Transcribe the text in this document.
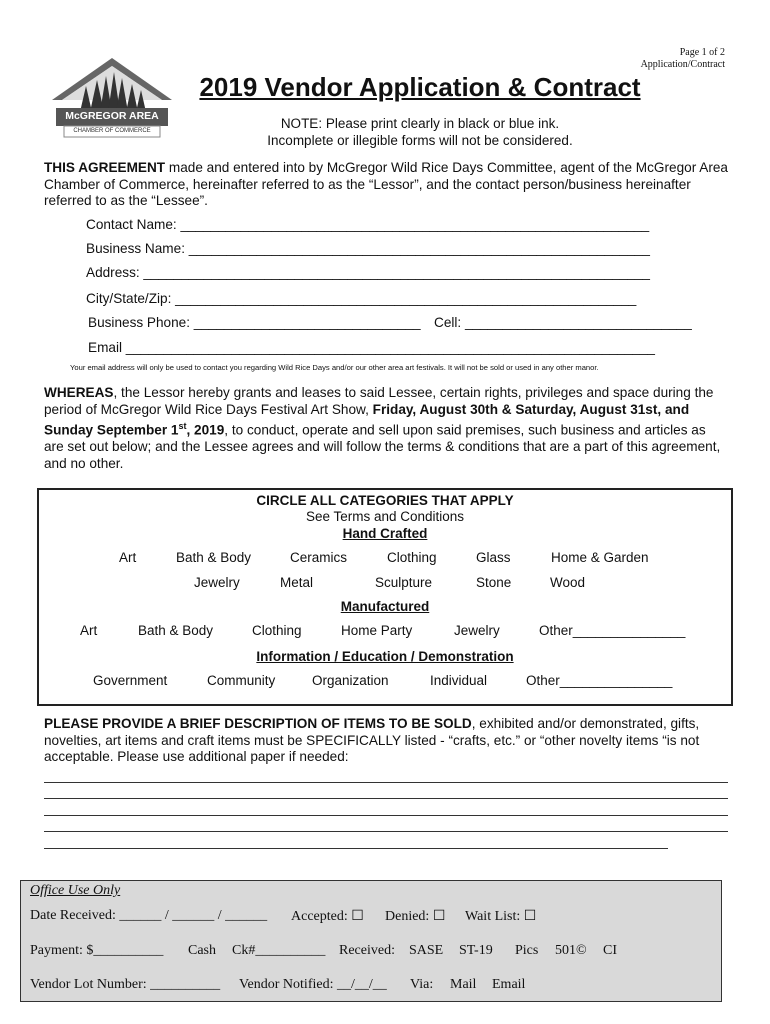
Page 1 of 2
Application/Contract
McGREGOR AREA
CHAMBER OF COMMERCE
2019 Vendor Application & Contract
NOTE: Please print clearly in black or blue ink.
Incomplete or illegible forms will not be considered.
THIS AGREEMENT made and entered into by McGregor Wild Rice Days Committee, agent of the McGregor Area Chamber of Commerce, hereinafter referred to as the “Lessor”, and the contact person/business hereinafter referred to as the “Lessee”.
Contact Name: ______________________________________________________________
Business Name: _____________________________________________________________
Address: ___________________________________________________________________
City/State/Zip: _____________________________________________________________
Business Phone: ______________________________ Cell: ______________________________
Email ______________________________________________________________________
Your email address will only be used to contact you regarding Wild Rice Days and/or our other area art festivals. It will not be sold or used in any other manor.
WHEREAS, the Lessor hereby grants and leases to said Lessee, certain rights, privileges and space during the period of McGregor Wild Rice Days Festival Art Show, Friday, August 30th & Saturday, August 31st, and Sunday September 1st, 2019, to conduct, operate and sell upon said premises, such business and articles as are set out below; and the Lessee agrees and will follow the terms & conditions that are a part of this agreement, and no other.
CIRCLE ALL CATEGORIES THAT APPLY
See Terms and Conditions
Hand Crafted
Art	Bath & Body	Ceramics	Clothing	Glass	Home & Garden
Jewelry	Metal	Sculpture	Stone	Wood
Manufactured
Art	Bath & Body	Clothing	Home Party	Jewelry	Other_______________
Information / Education / Demonstration
Government	Community	Organization	Individual	Other_______________
PLEASE PROVIDE A BRIEF DESCRIPTION OF ITEMS TO BE SOLD, exhibited and/or demonstrated, gifts, novelties, art items and craft items must be SPECIFICALLY listed - “crafts, etc.” or “other novelty items “is not acceptable. Please use additional paper if needed:
Office Use Only
Date Received: ______ / ______ / ______ Accepted: ☐ Denied: ☐ Wait List: ☐
Payment: $__________ Cash Ck#__________ Received: SASE ST-19 Pics 501© CI
Vendor Lot Number: __________ Vendor Notified: __/__/__ Via: Mail Email
